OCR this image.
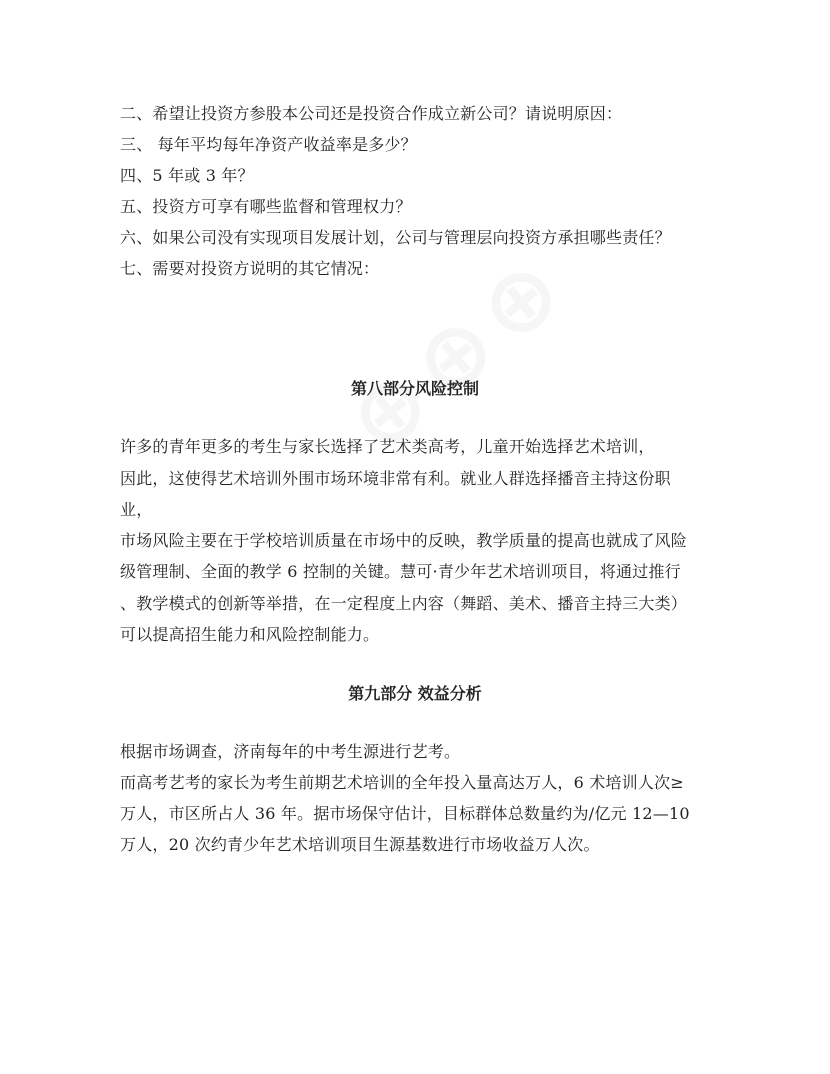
二、希望让投资方参股本公司还是投资合作成立新公司？请说明原因：
三、 每年平均每年净资产收益率是多少？
四、5 年或 3 年？
五、投资方可享有哪些监督和管理权力？
六、如果公司没有实现项目发展计划，公司与管理层向投资方承担哪些责任？
七、需要对投资方说明的其它情况：
第八部分风险控制
许多的青年更多的考生与家长选择了艺术类高考，儿童开始选择艺术培训，
因此，这使得艺术培训外围市场环境非常有利。就业人群选择播音主持这份职
业，
市场风险主要在于学校培训质量在市场中的反映，教学质量的提高也就成了风险
级管理制、全面的教学 6 控制的关键。慧可·青少年艺术培训项目，将通过推行
、教学模式的创新等举措，在一定程度上内容（舞蹈、美术、播音主持三大类）
可以提高招生能力和风险控制能力。
第九部分 效益分析
根据市场调查，济南每年的中考生源进行艺考。
而高考艺考的家长为考生前期艺术培训的全年投入量高达万人，6 术培训人次≥
万人，市区所占人 36 年。据市场保守估计，目标群体总数量约为/亿元 12—10
万人，20 次约青少年艺术培训项目生源基数进行市场收益万人次。
